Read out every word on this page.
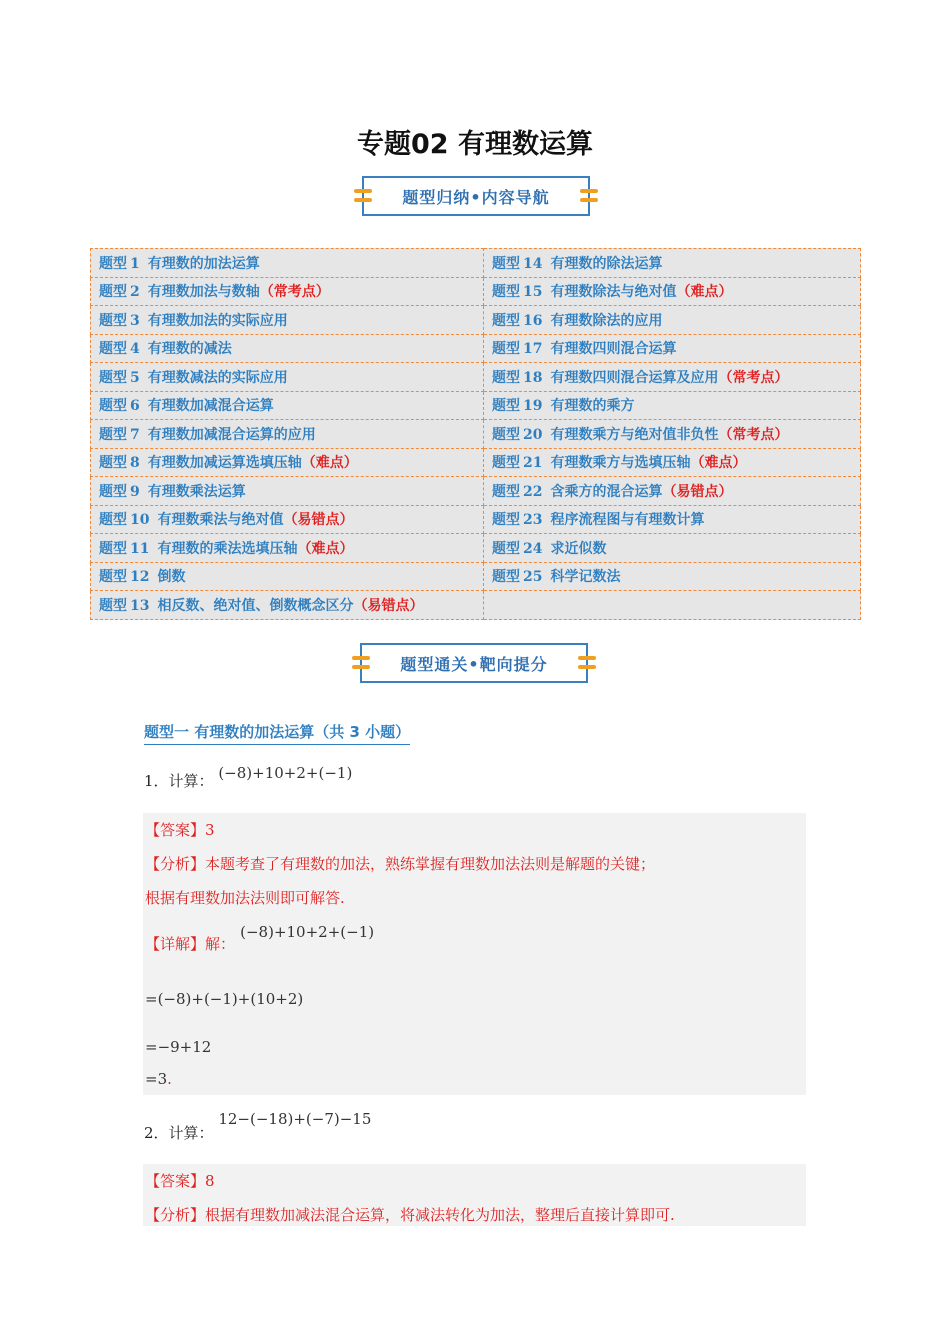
专题02 有理数运算
题型归纳•内容导航
题型 1 有理数的加法运算	题型 14 有理数的除法运算
题型 2 有理数加法与数轴（常考点）	题型 15 有理数除法与绝对值（难点）
题型 3 有理数加法的实际应用	题型 16 有理数除法的应用
题型 4 有理数的减法	题型 17 有理数四则混合运算
题型 5 有理数减法的实际应用	题型 18 有理数四则混合运算及应用（常考点）
题型 6 有理数加减混合运算	题型 19 有理数的乘方
题型 7 有理数加减混合运算的应用	题型 20 有理数乘方与绝对值非负性（常考点）
题型 8 有理数加减运算选填压轴（难点）	题型 21 有理数乘方与选填压轴（难点）
题型 9 有理数乘法运算	题型 22 含乘方的混合运算（易错点）
题型 10 有理数乘法与绝对值（易错点）	题型 23 程序流程图与有理数计算
题型 11 有理数的乘法选填压轴（难点）	题型 24 求近似数
题型 12 倒数	题型 25 科学记数法
题型 13 相反数、绝对值、倒数概念区分（易错点）	
题型通关•靶向提分
题型一 有理数的加法运算（共 3 小题）
1．计算： (−8)+10+2+(−1)
【答案】3
【分析】本题考查了有理数的加法，熟练掌握有理数加法法则是解题的关键；
根据有理数加法法则即可解答.
【详解】解： (−8)+10+2+(−1)
=(−8)+(−1)+(10+2)
=−9+12
=3.
2．计算： 12−(−18)+(−7)−15
【答案】8
【分析】根据有理数加减法混合运算，将减法转化为加法，整理后直接计算即可.
